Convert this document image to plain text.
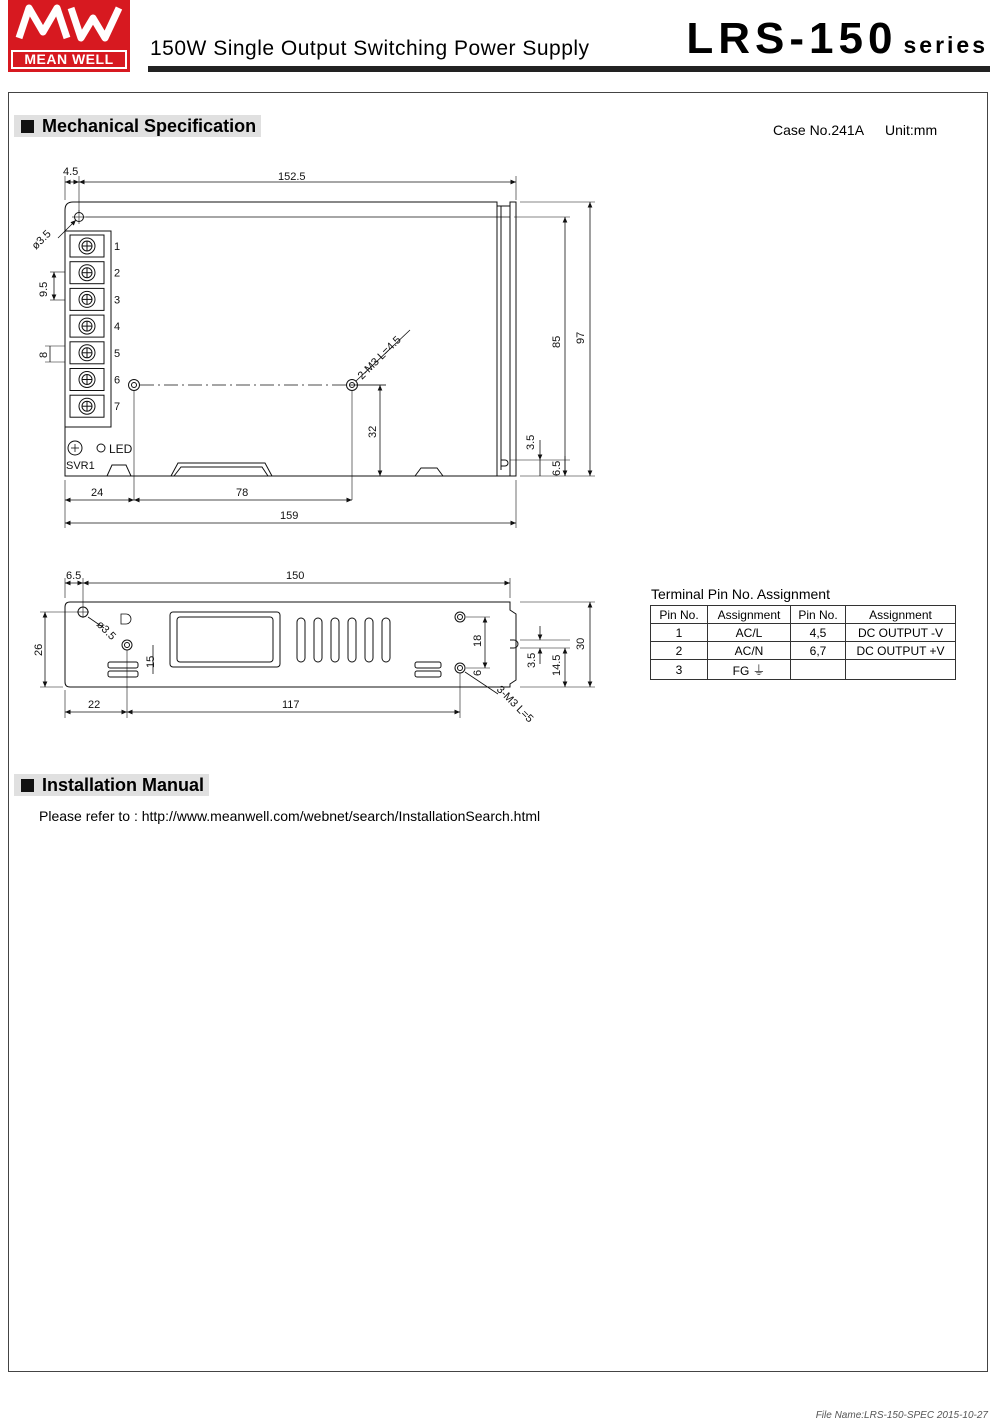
MEAN WELL	150W Single Output Switching Power Supply LRS-150 series
Mechanical Specification	Case No.241A Unit:mm
1
2
3
4
5
6
7
4.5	152.5
ø3.5
9.5
8	2-M3 L=4.5	85 97
32
3.5
6.5
24	78
159
LED
SVR1
6.5	150
26
ø3.5
15
18
6
3.5 14.5
30
3-M3 L=5
22	117
Terminal Pin No. Assignment
Pin No.	Assignment	Pin No.	Assignment
1	AC/L	4,5	DC OUTPUT -V
2	AC/N	6,7	DC OUTPUT +V
3	FG ⏚		
Installation Manual
Please refer to : http://www.meanwell.com/webnet/search/InstallationSearch.html
File Name:LRS-150-SPEC 2015-10-27
